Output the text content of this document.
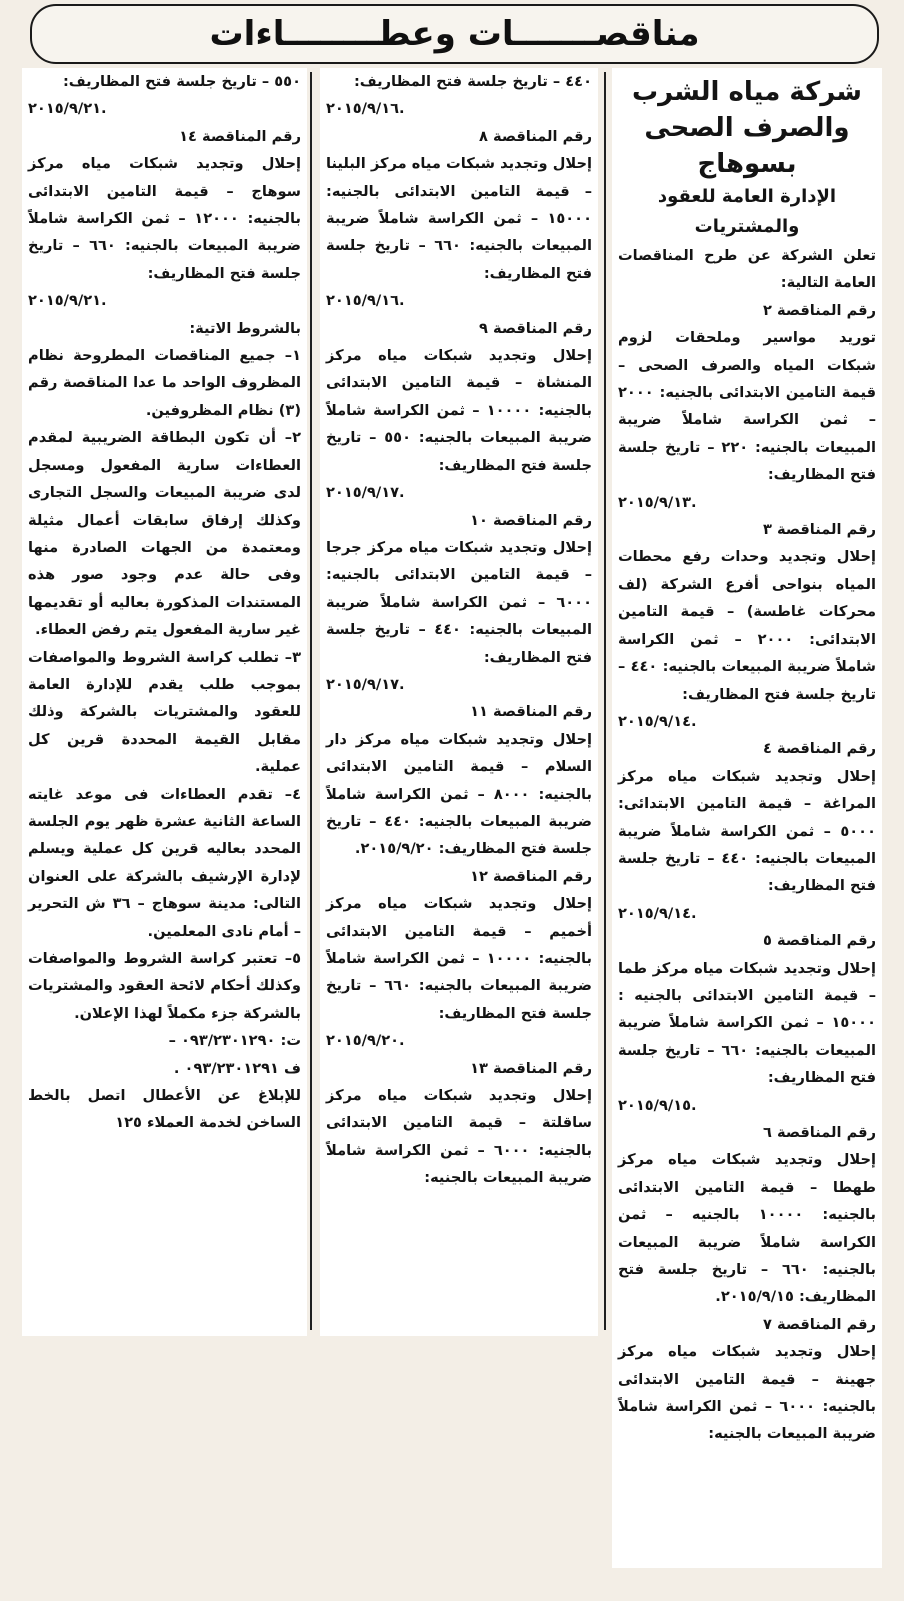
مناقصـــــــات وعطــــــــاءات
شركة مياه الشرب
والصرف الصحى
بسوهاج
الإدارة العامة للعقود والمشتريات
تعلن الشركة عن طرح المناقصات العامة التالية:
رقم المناقصة ٢
توريد مواسير وملحقات لزوم شبكات المياه والصرف الصحى – قيمة التامين الابتدائى بالجنيه: ٢٠٠٠ – ثمن الكراسة شاملاً ضريبة المبيعات بالجنيه: ٢٢٠ – تاريخ جلسة فتح المظاريف:
٢٠١٥/٩/١٣.
رقم المناقصة ٣
إحلال وتجديد وحدات رفع محطات المياه بنواحى أفرع الشركة (لف محركات غاطسة) – قيمة التامين الابتدائى: ٢٠٠٠ – ثمن الكراسة شاملاً ضريبة المبيعات بالجنيه: ٤٤٠ – تاريخ جلسة فتح المظاريف:
٢٠١٥/٩/١٤.
رقم المناقصة ٤
إحلال وتجديد شبكات مياه مركز المراغة – قيمة التامين الابتدائى: ٥٠٠٠ – ثمن الكراسة شاملاً ضريبة المبيعات بالجنيه: ٤٤٠ – تاريخ جلسة فتح المظاريف:
٢٠١٥/٩/١٤.
رقم المناقصة ٥
إحلال وتجديد شبكات مياه مركز طما – قيمة التامين الابتدائى بالجنيه : ١٥٠٠٠ – ثمن الكراسة شاملاً ضريبة المبيعات بالجنيه: ٦٦٠ – تاريخ جلسة فتح المظاريف:
٢٠١٥/٩/١٥.
رقم المناقصة ٦
إحلال وتجديد شبكات مياه مركز طهطا – قيمة التامين الابتدائى بالجنيه: ١٠٠٠٠ بالجنيه – ثمن الكراسة شاملاً ضريبة المبيعات بالجنيه: ٦٦٠ – تاريخ جلسة فتح المظاريف: ٢٠١٥/٩/١٥.
رقم المناقصة ٧
إحلال وتجديد شبكات مياه مركز جهينة – قيمة التامين الابتدائى بالجنيه: ٦٠٠٠ – ثمن الكراسة شاملاً ضريبة المبيعات بالجنيه:
٤٤٠ – تاريخ جلسة فتح المظاريف:
٢٠١٥/٩/١٦.
رقم المناقصة ٨
إحلال وتجديد شبكات مياه مركز البلينا – قيمة التامين الابتدائى بالجنيه: ١٥٠٠٠ – ثمن الكراسة شاملاً ضريبة المبيعات بالجنيه: ٦٦٠ – تاريخ جلسة فتح المظاريف:
٢٠١٥/٩/١٦.
رقم المناقصة ٩
إحلال وتجديد شبكات مياه مركز المنشاة – قيمة التامين الابتدائى بالجنيه: ١٠٠٠٠ – ثمن الكراسة شاملاً ضريبة المبيعات بالجنيه: ٥٥٠ – تاريخ جلسة فتح المظاريف:
٢٠١٥/٩/١٧.
رقم المناقصة ١٠
إحلال وتجديد شبكات مياه مركز جرجا – قيمة التامين الابتدائى بالجنيه: ٦٠٠٠ – ثمن الكراسة شاملاً ضريبة المبيعات بالجنيه: ٤٤٠ – تاريخ جلسة فتح المظاريف:
٢٠١٥/٩/١٧.
رقم المناقصة ١١
إحلال وتجديد شبكات مياه مركز دار السلام – قيمة التامين الابتدائى بالجنيه: ٨٠٠٠ – ثمن الكراسة شاملاً ضريبة المبيعات بالجنيه: ٤٤٠ – تاريخ جلسة فتح المظاريف: ٢٠١٥/٩/٢٠.
رقم المناقصة ١٢
إحلال وتجديد شبكات مياه مركز أخميم – قيمة التامين الابتدائى بالجنيه: ١٠٠٠٠ – ثمن الكراسة شاملاً ضريبة المبيعات بالجنيه: ٦٦٠ – تاريخ جلسة فتح المظاريف:
٢٠١٥/٩/٢٠.
رقم المناقصة ١٣
إحلال وتجديد شبكات مياه مركز ساقلتة – قيمة التامين الابتدائى بالجنيه: ٦٠٠٠ – ثمن الكراسة شاملاً ضريبة المبيعات بالجنيه:
٥٥٠ – تاريخ جلسة فتح المظاريف:
٢٠١٥/٩/٢١.
رقم المناقصة ١٤
إحلال وتجديد شبكات مياه مركز سوهاج – قيمة التامين الابتدائى بالجنيه: ١٢٠٠٠ – ثمن الكراسة شاملاً ضريبة المبيعات بالجنيه: ٦٦٠ – تاريخ جلسة فتح المظاريف:
٢٠١٥/٩/٢١.
بالشروط الاتية:
١– جميع المناقصات المطروحة نظام المظروف الواحد ما عدا المناقصة رقم (٣) نظام المظروفين.
٢– أن تكون البطاقة الضريبية لمقدم العطاءات سارية المفعول ومسجل لدى ضريبة المبيعات والسجل التجارى وكذلك إرفاق سابقات أعمال مثيلة ومعتمدة من الجهات الصادرة منها وفى حالة عدم وجود صور هذه المستندات المذكورة بعاليه أو تقديمها غير سارية المفعول يتم رفض العطاء.
٣– تطلب كراسة الشروط والمواصفات بموجب طلب يقدم للإدارة العامة للعقود والمشتريات بالشركة وذلك مقابل القيمة المحددة قرين كل عملية.
٤– تقدم العطاءات فى موعد غايته الساعة الثانية عشرة ظهر يوم الجلسة المحدد بعاليه قرين كل عملية ويسلم لإدارة الإرشيف بالشركة على العنوان التالى: مدينة سوهاج – ٣٦ ش التحرير – أمام نادى المعلمين.
٥– تعتبر كراسة الشروط والمواصفات وكذلك أحكام لائحة العقود والمشتريات بالشركة جزء مكملاً لهذا الإعلان.
ت: ٠٩٣/٢٣٠١٢٩٠ –
ف ٠٩٣/٢٣٠١٢٩١ .
للإبلاغ عن الأعطال اتصل بالخط الساخن لخدمة العملاء ١٢٥
